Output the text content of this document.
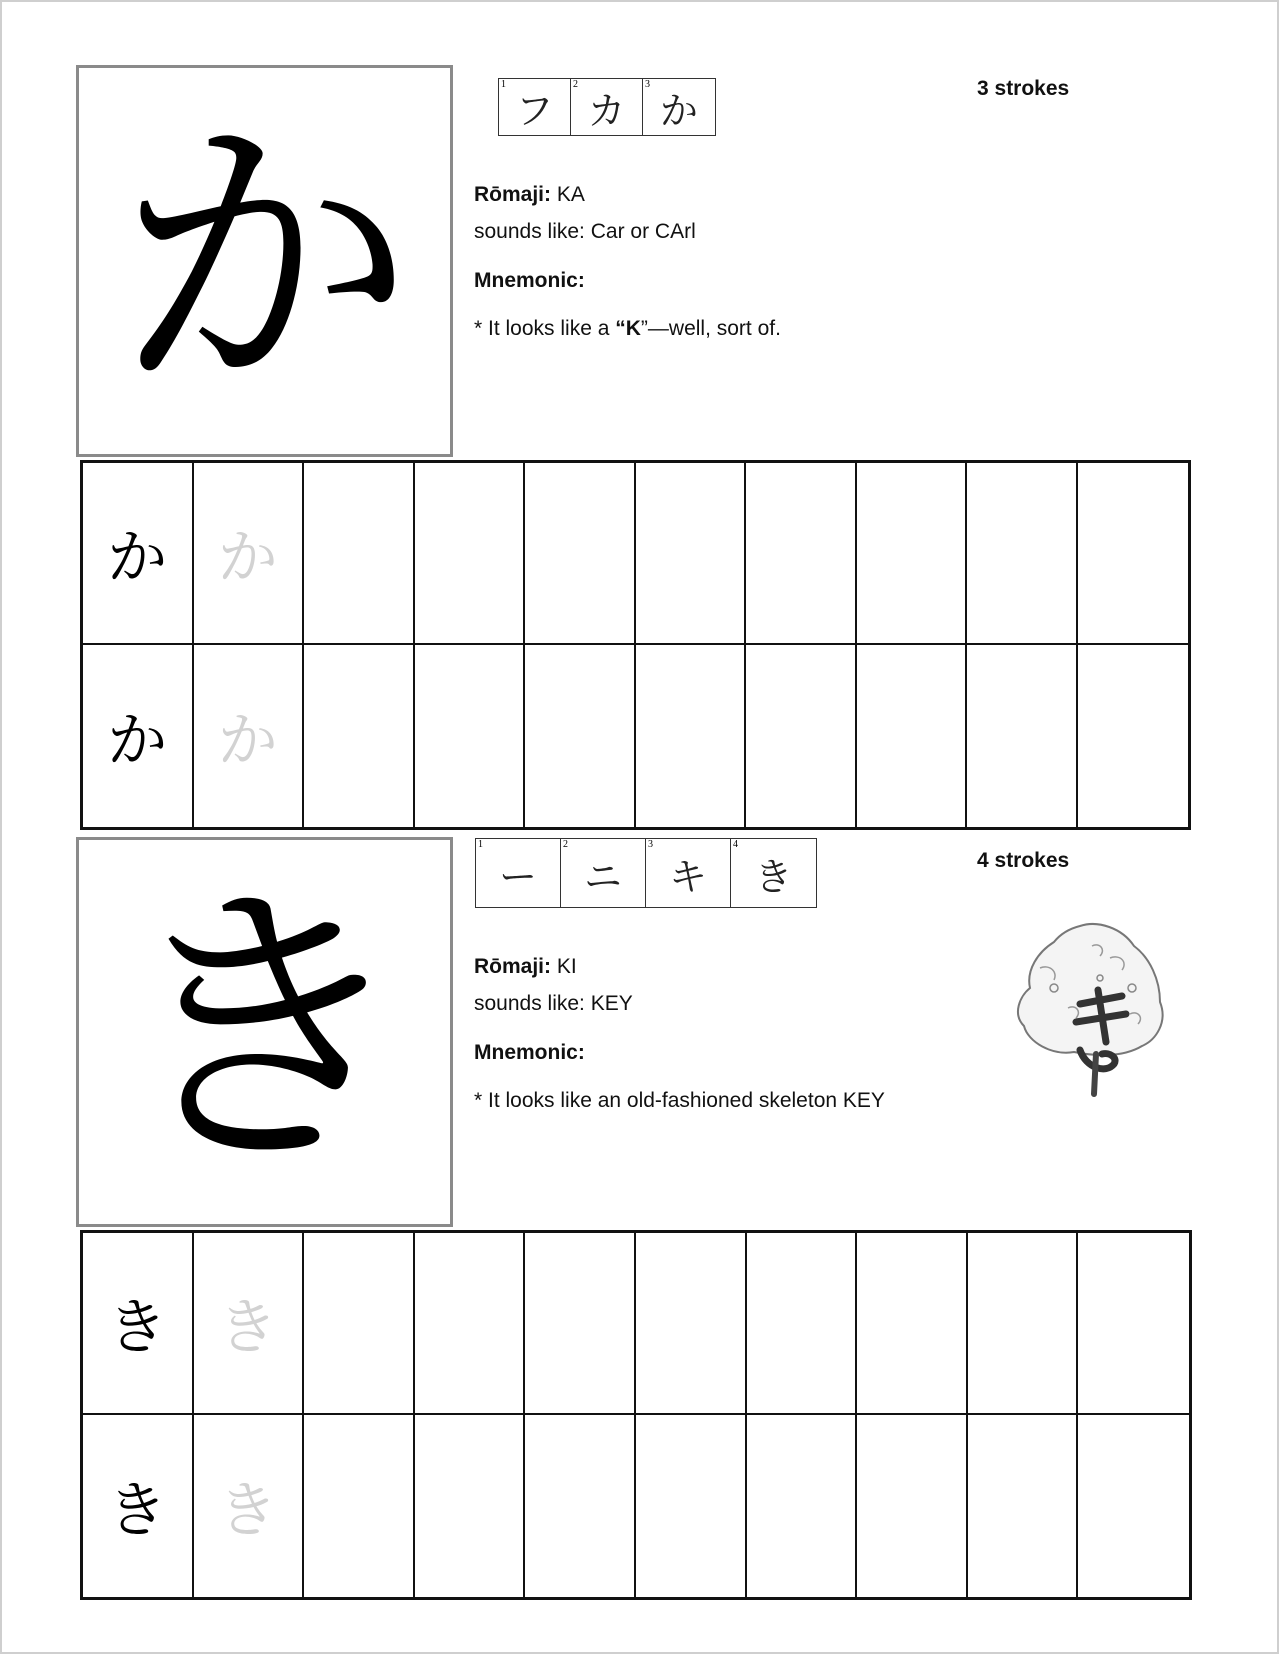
か
1
フ
2
カ
3
か	3 strokes
Rōmaji: KA
sounds like: Car or CArl
Mnemonic:
* It looks like a “K”—well, sort of.
か か
か か
き
1
ー
2
ニ
3
キ
4
き	4 strokes
Rōmaji: KI
sounds like: KEY
Mnemonic:
* It looks like an old-fashioned skeleton KEY
き き
き き
